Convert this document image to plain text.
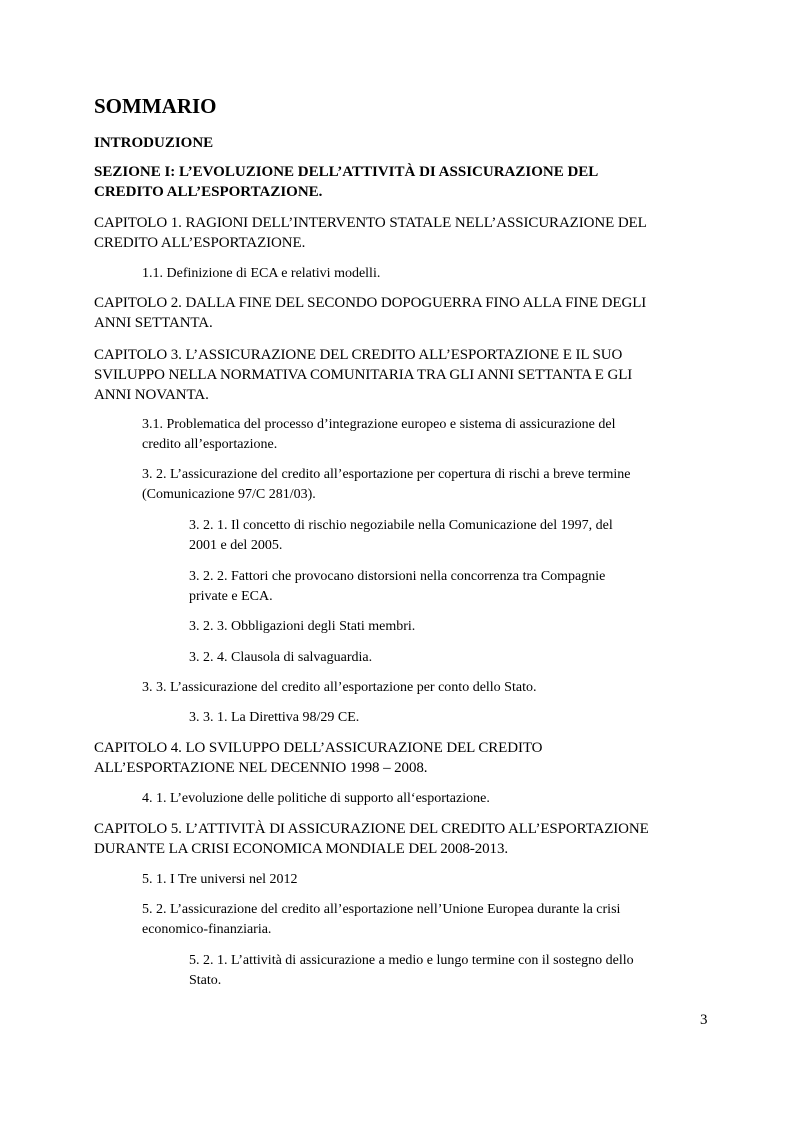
SOMMARIO

INTRODUZIONE

SEZIONE I: L’EVOLUZIONE DELL’ATTIVITÀ DI ASSICURAZIONE DEL
CREDITO ALL’ESPORTAZIONE.

CAPITOLO 1. RAGIONI DELL’INTERVENTO STATALE NELL’ASSICURAZIONE DEL
CREDITO ALL’ESPORTAZIONE.

1.1. Definizione di ECA e relativi modelli.

CAPITOLO 2. DALLA FINE DEL SECONDO DOPOGUERRA FINO ALLA FINE DEGLI
ANNI SETTANTA.

CAPITOLO 3. L’ASSICURAZIONE DEL CREDITO ALL’ESPORTAZIONE E IL SUO
SVILUPPO NELLA NORMATIVA COMUNITARIA TRA GLI ANNI SETTANTA E GLI
ANNI NOVANTA.

3.1. Problematica del processo d’integrazione europeo e sistema di assicurazione del
credito all’esportazione.

3. 2. L’assicurazione del credito all’esportazione per copertura di rischi a breve termine
(Comunicazione 97/C 281/03).

3. 2. 1. Il concetto di rischio negoziabile nella Comunicazione del 1997, del
2001 e del 2005.

3. 2. 2. Fattori che provocano distorsioni nella concorrenza tra Compagnie
private e ECA.

3. 2. 3. Obbligazioni degli Stati membri.

3. 2. 4. Clausola di salvaguardia.

3. 3. L’assicurazione del credito all’esportazione per conto dello Stato.

3. 3. 1. La Direttiva 98/29 CE.

CAPITOLO 4. LO SVILUPPO DELL’ASSICURAZIONE DEL CREDITO
ALL’ESPORTAZIONE NEL DECENNIO 1998 – 2008.

4. 1. L’evoluzione delle politiche di supporto all‘esportazione.

CAPITOLO 5. L’ATTIVITÀ DI ASSICURAZIONE DEL CREDITO ALL’ESPORTAZIONE
DURANTE LA CRISI ECONOMICA MONDIALE DEL 2008-2013.

5. 1. I Tre universi nel 2012

5. 2. L’assicurazione del credito all’esportazione nell’Unione Europea durante la crisi
economico-finanziaria.

5. 2. 1. L’attività di assicurazione a medio e lungo termine con il sostegno dello
Stato.

3
